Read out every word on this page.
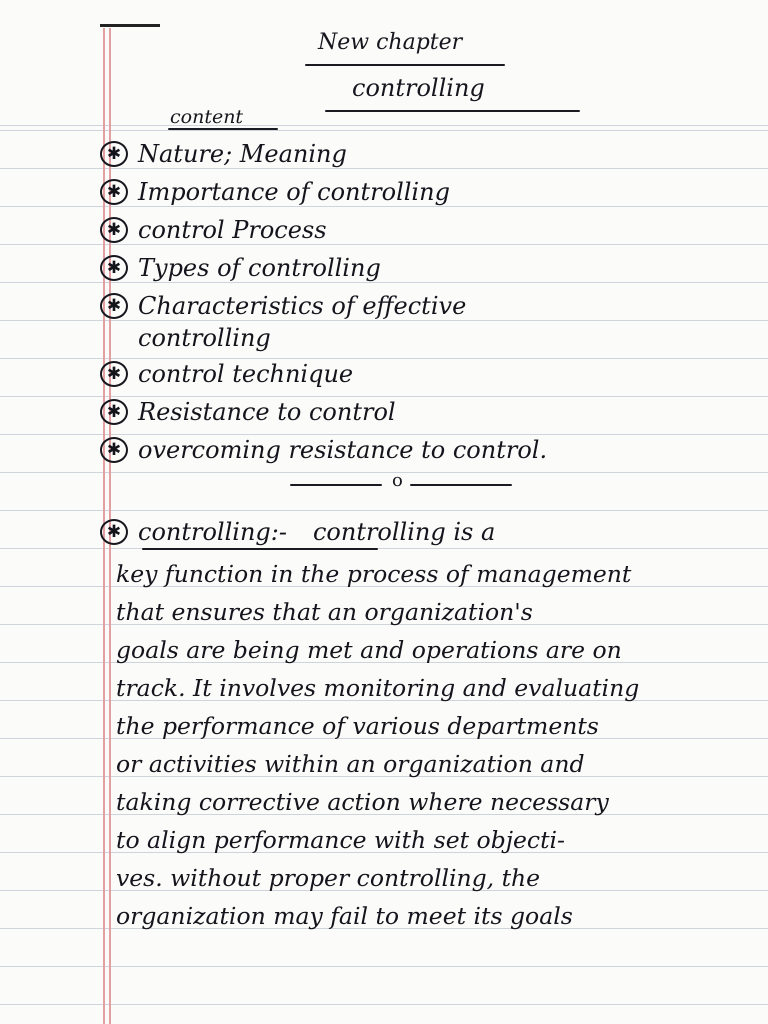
New chapter
controlling
content
✱ Nature; Meaning
✱ Importance of controlling
✱ control Process
✱ Types of controlling
✱ Characteristics of effective
controlling
✱ control technique
✱ Resistance to control
✱ overcoming resistance to control.
o
✱ controlling:- controlling is a
key function in the process of management
that ensures that an organization's
goals are being met and operations are on
track. It involves monitoring and evaluating
the performance of various departments
or activities within an organization and
taking corrective action where necessary
to align performance with set objecti-
ves. without proper controlling, the
organization may fail to meet its goals
